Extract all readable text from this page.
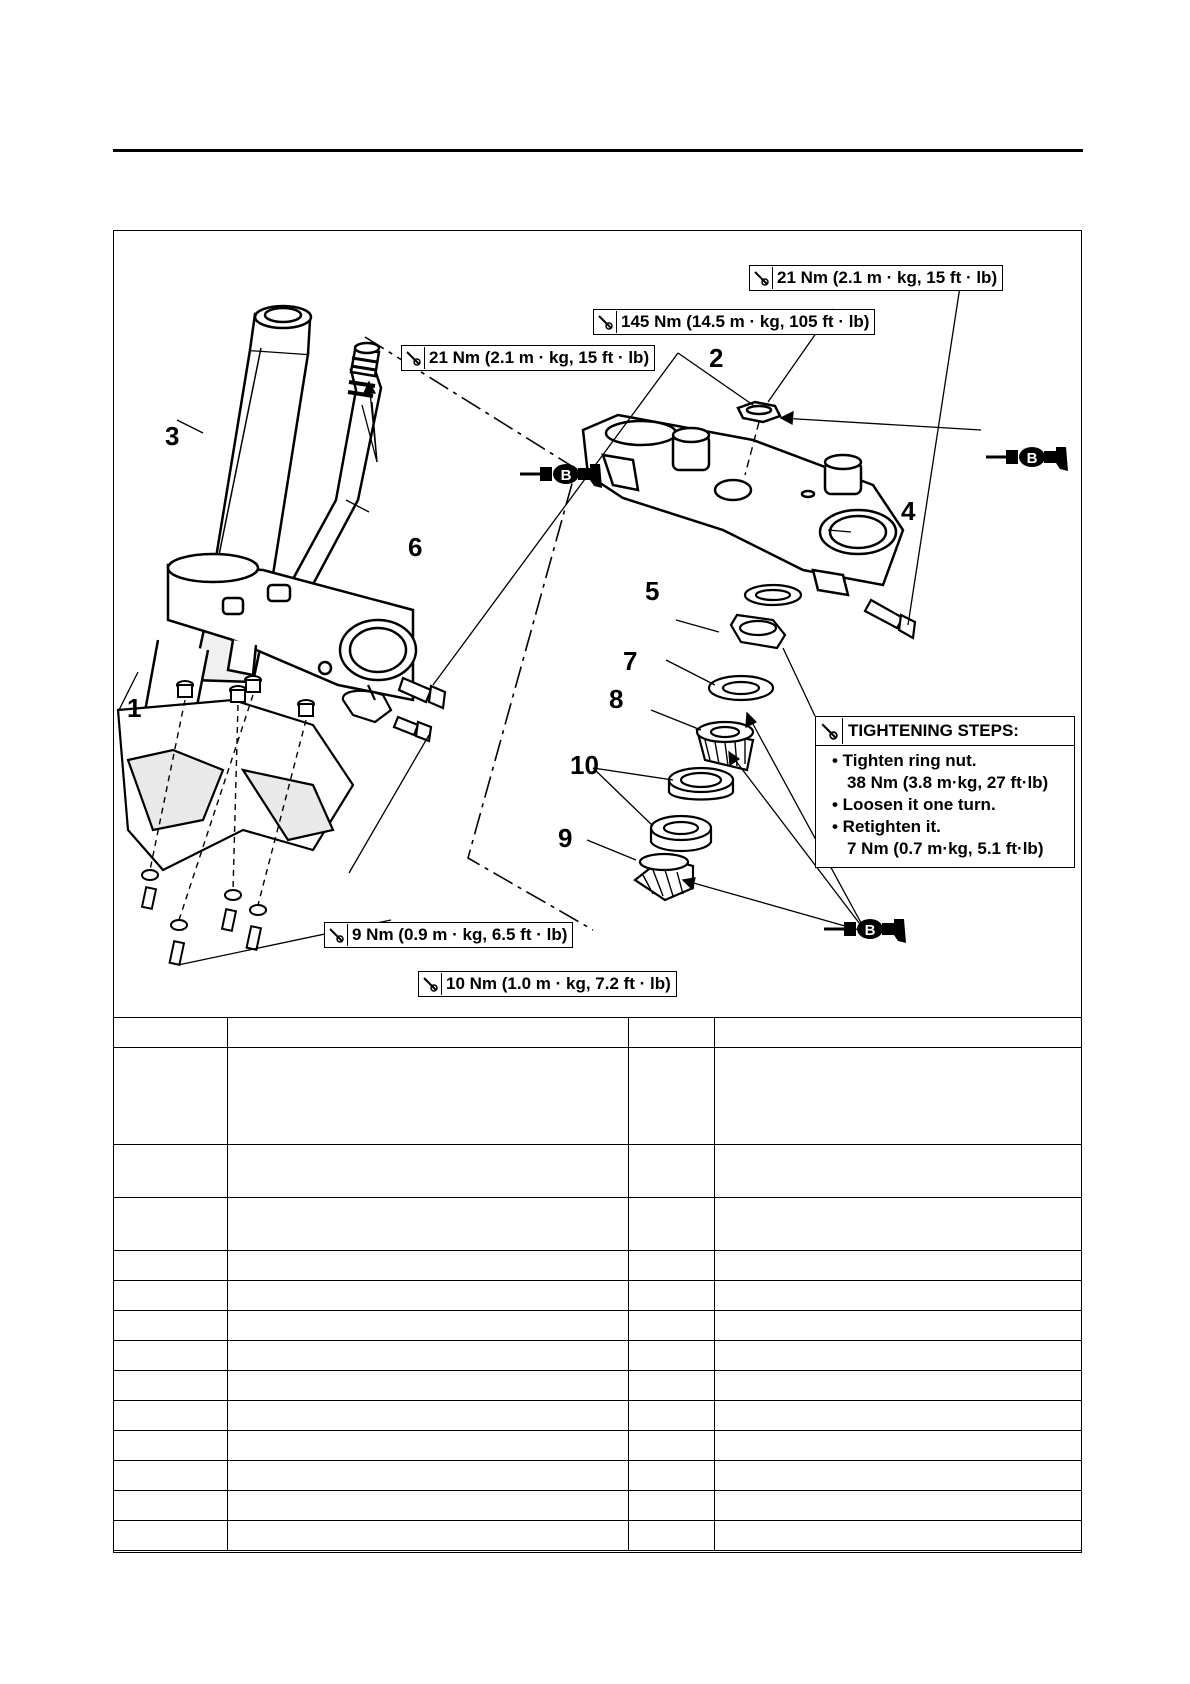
B
B
B
1
2
3
4
5
6
7
8
9
10
21 Nm (2.1 m · kg, 15 ft · lb)
145 Nm (14.5 m · kg, 105 ft · lb)
21 Nm (2.1 m · kg, 15 ft · lb)
9 Nm (0.9 m · kg, 6.5 ft · lb)
10 Nm (1.0 m · kg, 7.2 ft · lb)
TIGHTENING STEPS:
• Tighten ring nut.
38 Nm (3.8 m·kg, 27 ft·lb)
• Loosen it one turn.
• Retighten it.
7 Nm (0.7 m·kg, 5.1 ft·lb)
